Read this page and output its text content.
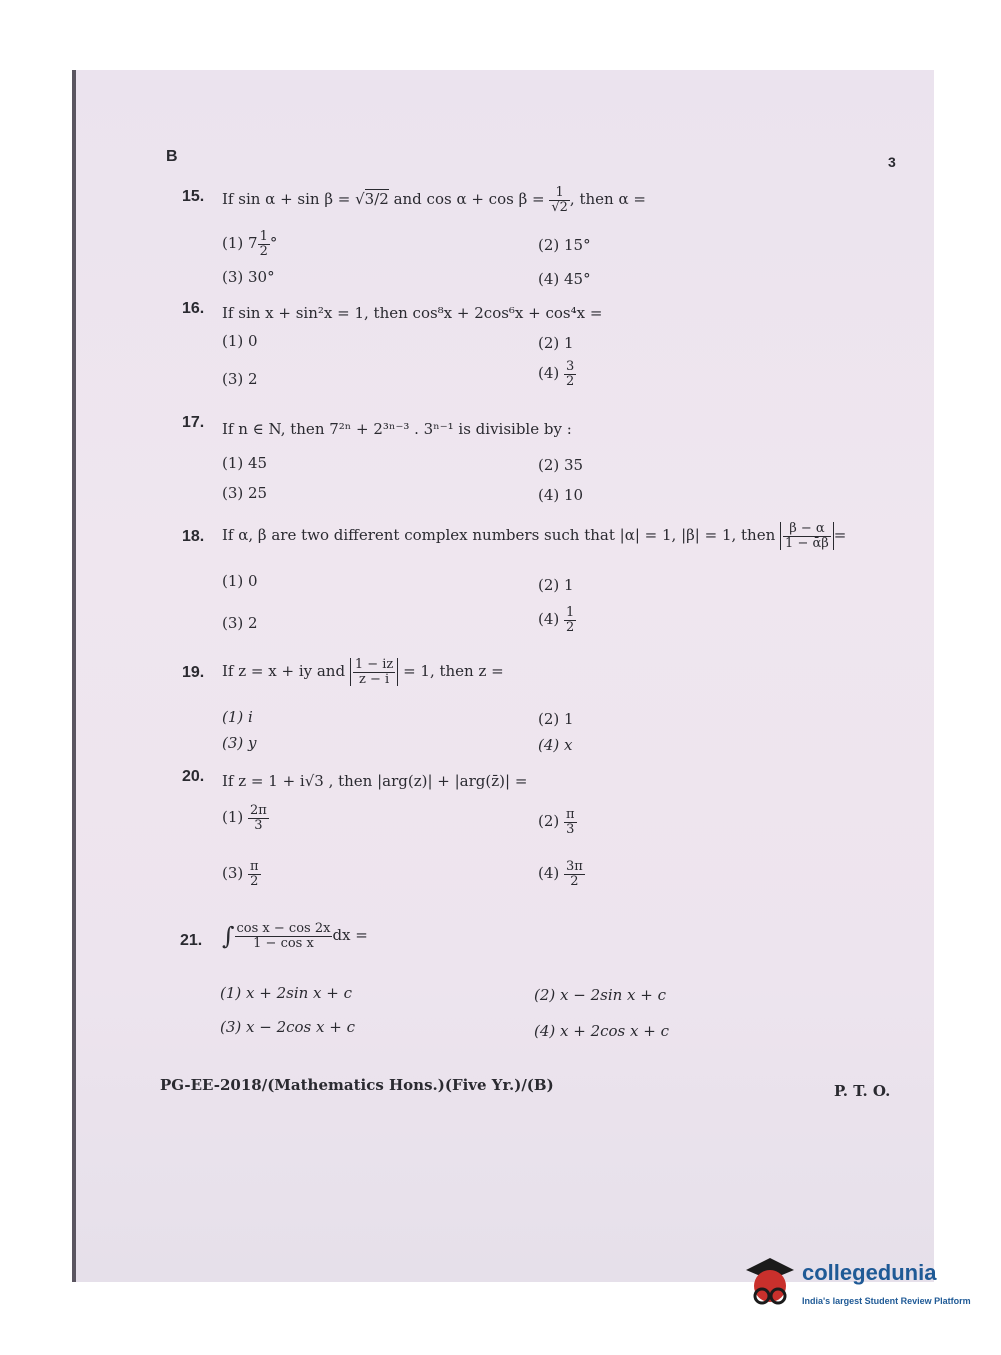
B	3
15. If sin α + sin β = √3/2 and $\cos \alpha + \cos \beta = \frac{1}{√2}$ , then α =
(1) $7 \frac{1}{2}$ °	(2) 15°
(3) 30°	(4) 45°
16. If sin x + sin²x = 1, then cos⁸x + 2cos⁶x + cos⁴x =
(1) 0	(2) 1
(3) 2	$(4) \frac{3}{2}$
17. If n ∈ N, then 7²ⁿ + 2³ⁿ⁻³ . 3ⁿ⁻¹ is divisible by :
(1) 45	(2) 35
(3) 25	(4) 10
18. If α, β are two different complex numbers such that |α| = 1, |β| = 1, then $\frac{\beta - \alpha}{\text{1 − ᾱβ}}$ =
(1) 0	(2) 1
(3) 2	$(4) \frac{1}{2}$
19. If z = x + iy and $\frac{1 - iz}{z - i} = 1$, then z =
(1) i	(2) 1
(3) y	(4) x
20. If z = 1 + i√3 , then |arg(z)| + |arg(z̄)| =
$(1) \frac{2\pi}{3}$	$(2) \frac{\pi}{3}$
$(3) \frac{\pi}{2}$	$(4) \frac{3\pi}{2}$
21. ∫ $\frac{\text{cos x − cos 2x}}{\text{1 − cos x}}$ dx =
(1) x + 2sin x + c	(2) x − 2sin x + c
(3) x − 2cos x + c	(4) x + 2cos x + c
PG-EE-2018/(Mathematics Hons.)(Five Yr.)/(B)	P. T. O.
collegedunia
India's largest Student Review Platform
